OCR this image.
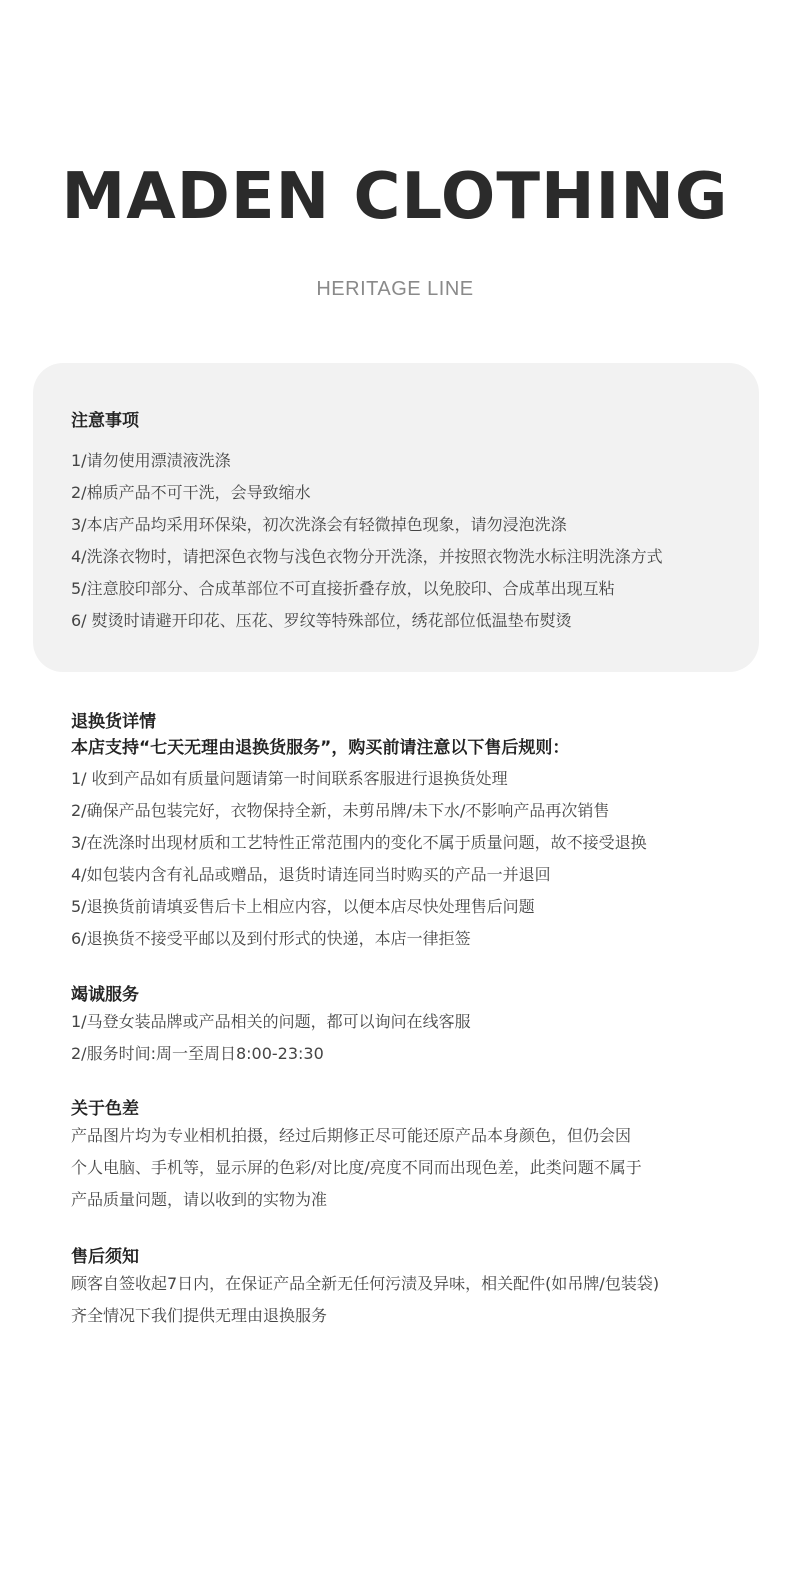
MADEN CLOTHING
HERITAGE LINE
注意事项
1/请勿使用漂渍液洗涤
2/棉质产品不可干洗，会导致缩水
3/本店产品均采用环保染，初次洗涤会有轻微掉色现象，请勿浸泡洗涤
4/洗涤衣物时，请把深色衣物与浅色衣物分开洗涤，并按照衣物洗水标注明洗涤方式
5/注意胶印部分、合成革部位不可直接折叠存放，以免胶印、合成革出现互粘
6/ 熨烫时请避开印花、压花、罗纹等特殊部位，绣花部位低温垫布熨烫
退换货详情
本店支持“七天无理由退换货服务”，购买前请注意以下售后规则：
1/ 收到产品如有质量问题请第一时间联系客服进行退换货处理
2/确保产品包装完好，衣物保持全新，未剪吊牌/未下水/不影响产品再次销售
3/在洗涤时出现材质和工艺特性正常范围内的变化不属于质量问题，故不接受退换
4/如包装内含有礼品或赠品，退货时请连同当时购买的产品一并退回
5/退换货前请填妥售后卡上相应内容，以便本店尽快处理售后问题
6/退换货不接受平邮以及到付形式的快递，本店一律拒签
竭诚服务
1/马登女装品牌或产品相关的问题，都可以询问在线客服
2/服务时间:周一至周日8:00-23:30
关于色差
产品图片均为专业相机拍摄，经过后期修正尽可能还原产品本身颜色，但仍会因
个人电脑、手机等，显示屏的色彩/对比度/亮度不同而出现色差，此类问题不属于
产品质量问题，请以收到的实物为准
售后须知
顾客自签收起7日内，在保证产品全新无任何污渍及异味，相关配件(如吊牌/包装袋)
齐全情况下我们提供无理由退换服务
